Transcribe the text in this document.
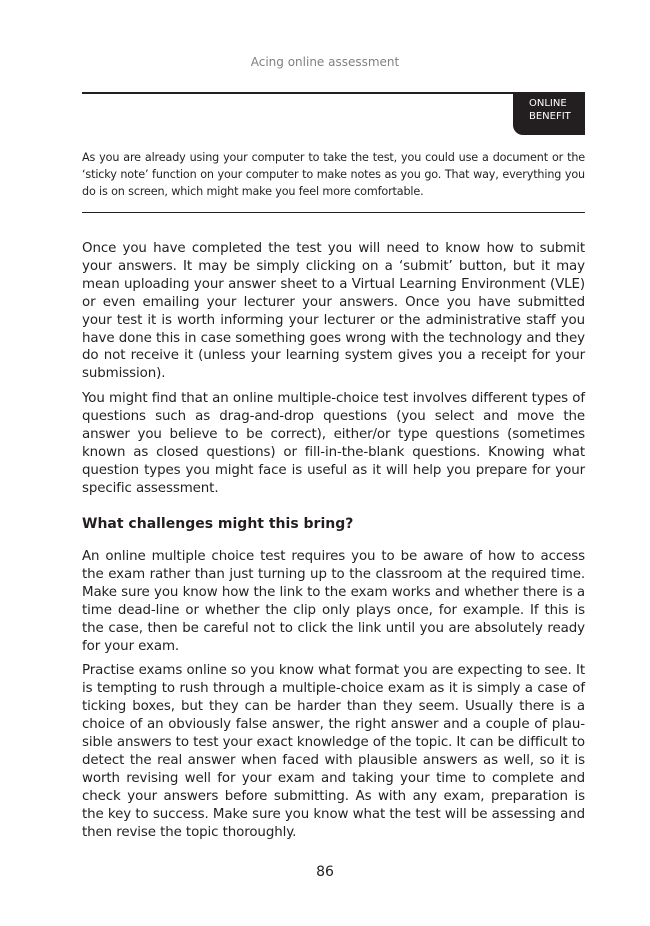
Acing online assessment
ONLINE
BENEFIT

As you are already using your computer to take the test, you could use a document or the ‘sticky note’ function on your computer to make notes as you go. That way, everything you do is on screen, which might make you feel more comfortable.

Once you have completed the test you will need to know how to submit your answers. It may be simply clicking on a ‘submit’ button, but it may mean uploading your answer sheet to a Virtual Learning Environment (VLE) or even emailing your lecturer your answers. Once you have submitted your test it is worth informing your lecturer or the administrative staff you have done this in case something goes wrong with the technology and they do not receive it (unless your learning system gives you a receipt for your submission).

You might find that an online multiple-choice test involves different types of questions such as drag-and-drop questions (you select and move the answer you believe to be correct), either/or type questions (sometimes known as closed questions) or fill-in-the-blank questions. Knowing what question types you might face is useful as it will help you prepare for your specific assessment.

What challenges might this bring?

An online multiple choice test requires you to be aware of how to access the exam rather than just turning up to the classroom at the required time. Make sure you know how the link to the exam works and whether there is a time dead-line or whether the clip only plays once, for example. If this is the case, then be careful not to click the link until you are absolutely ready for your exam.

Practise exams online so you know what format you are expecting to see. It is tempting to rush through a multiple-choice exam as it is simply a case of ticking boxes, but they can be harder than they seem. Usually there is a choice of an obviously false answer, the right answer and a couple of plau-sible answers to test your exact knowledge of the topic. It can be difficult to detect the real answer when faced with plausible answers as well, so it is worth revising well for your exam and taking your time to complete and check your answers before submitting. As with any exam, preparation is the key to success. Make sure you know what the test will be assessing and then revise the topic thoroughly.

86
